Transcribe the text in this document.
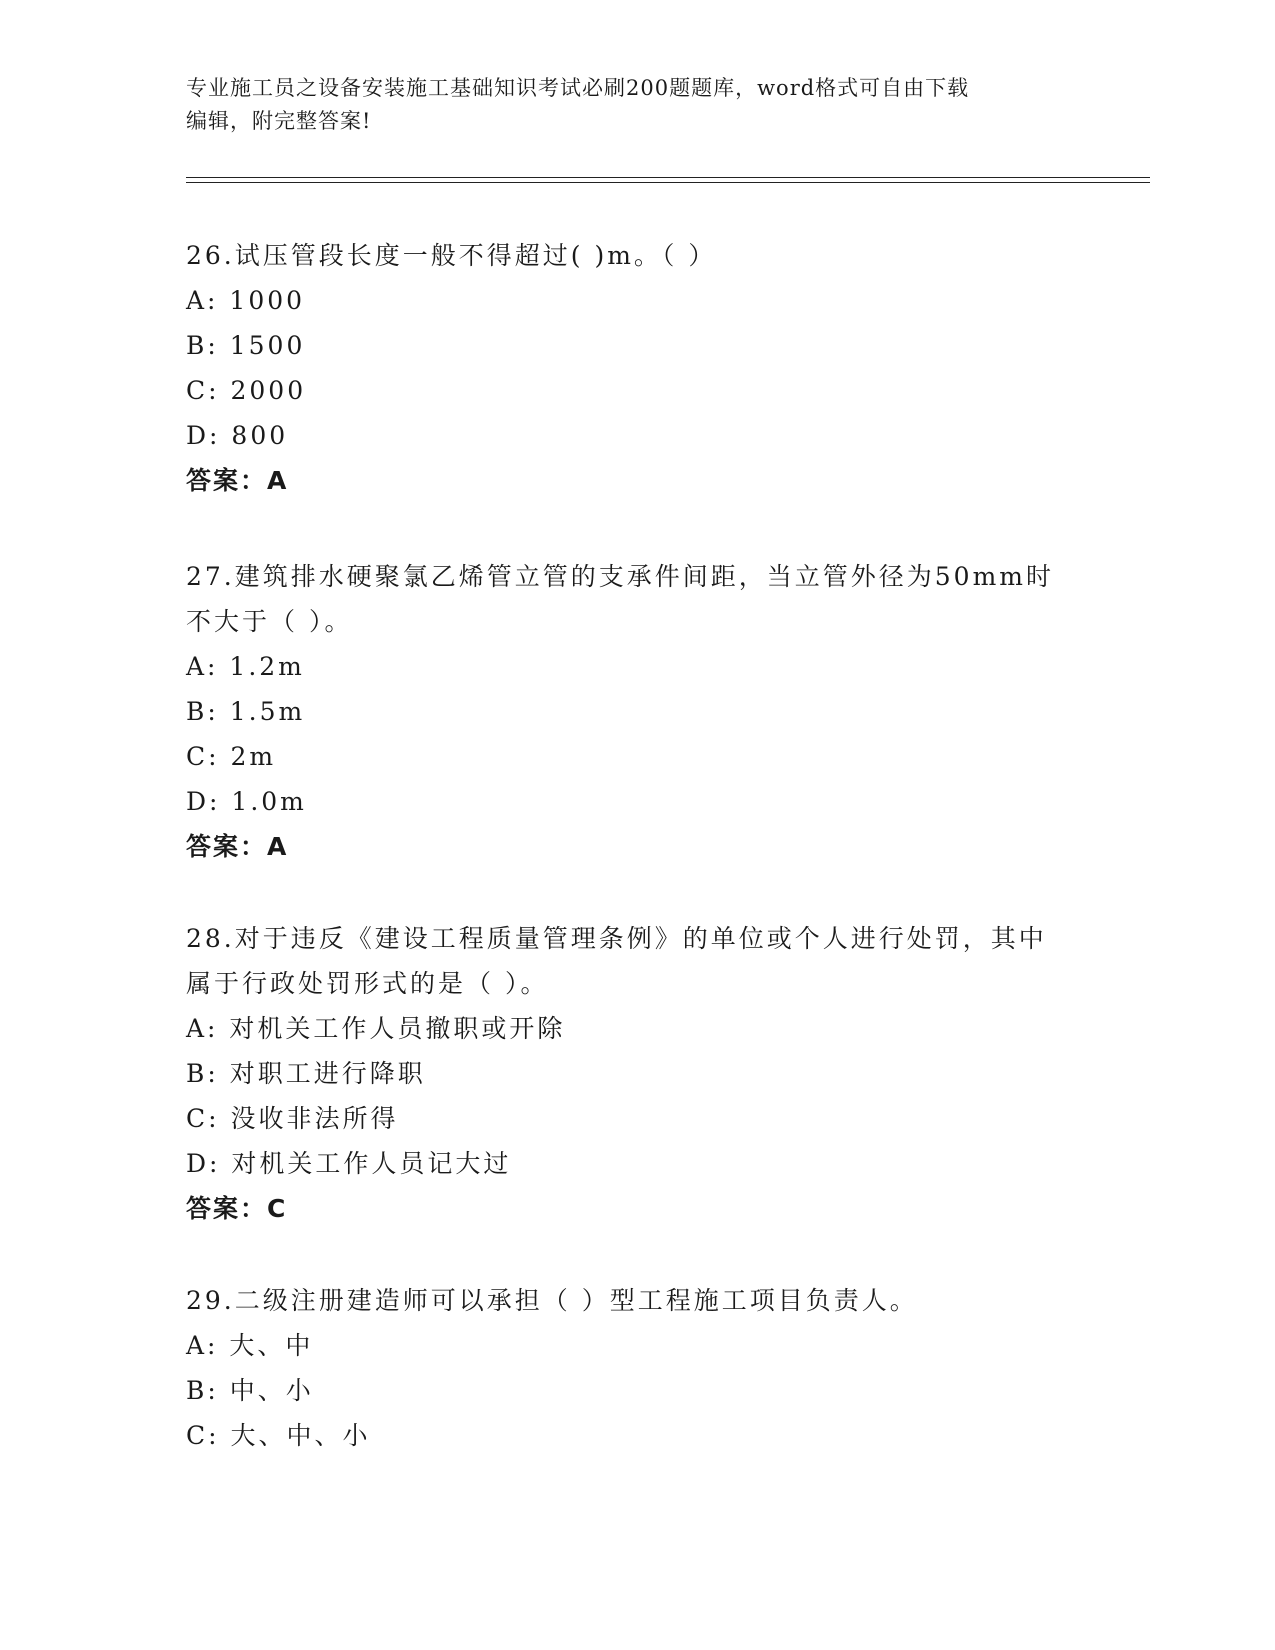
专业施工员之设备安装施工基础知识考试必刷200题题库，word格式可自由下载
编辑，附完整答案!
26.试压管段长度一般不得超过( )m。（ ）
A: 1000
B: 1500
C: 2000
D: 800
答案：A
27.建筑排水硬聚氯乙烯管立管的支承件间距，当立管外径为50mm时
不大于（ ）。
A: 1.2m
B: 1.5m
C: 2m
D: 1.0m
答案：A
28.对于违反《建设工程质量管理条例》的单位或个人进行处罚，其中
属于行政处罚形式的是（ ）。
A: 对机关工作人员撤职或开除
B: 对职工进行降职
C: 没收非法所得
D: 对机关工作人员记大过
答案：C
29.二级注册建造师可以承担（ ）型工程施工项目负责人。
A: 大、中
B: 中、小
C: 大、中、小
